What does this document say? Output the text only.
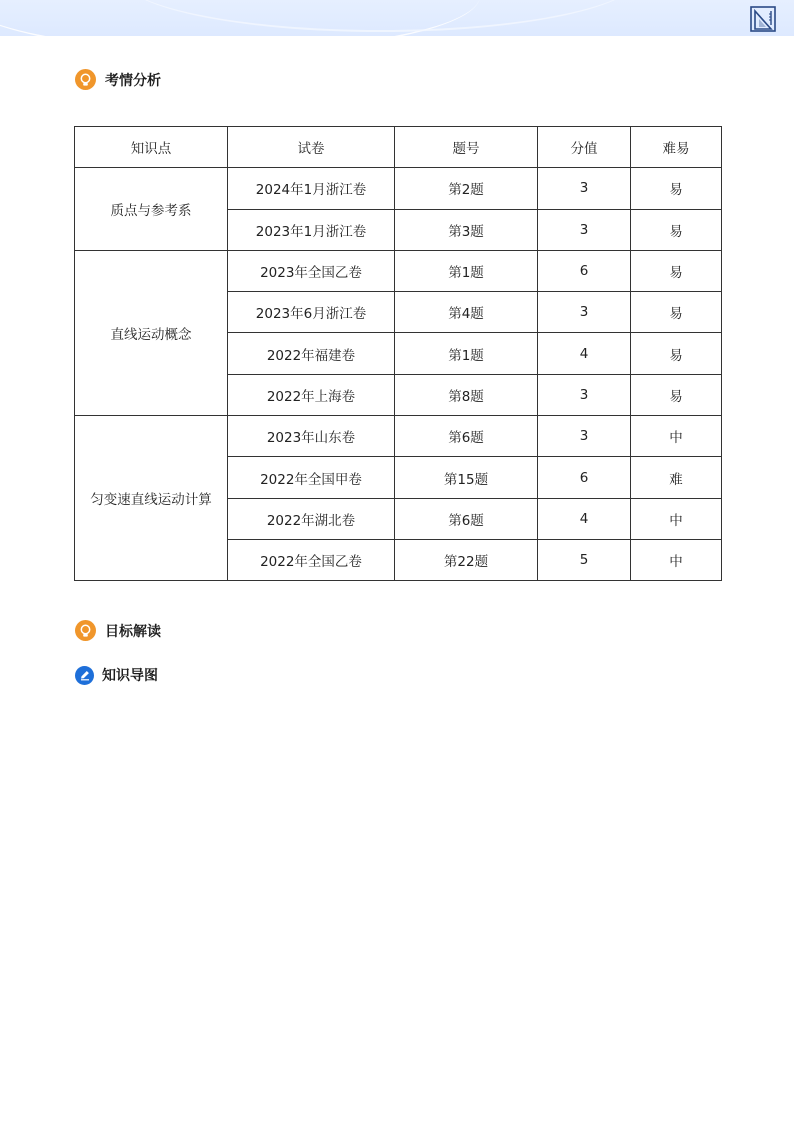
考情分析
知识点	试卷	题号	分值	难易
质点与参考系	2024年1月浙江卷	第2题	3	易
	2023年1月浙江卷	第3题	3	易
直线运动概念	2023年全国乙卷	第1题	6	易
	2023年6月浙江卷	第4题	3	易
	2022年福建卷	第1题	4	易
	2022年上海卷	第8题	3	易
匀变速直线运动计算	2023年山东卷	第6题	3	中
	2022年全国甲卷	第15题	6	难
	2022年湖北卷	第6题	4	中
	2022年全国乙卷	第22题	5	中
目标解读
知识导图
